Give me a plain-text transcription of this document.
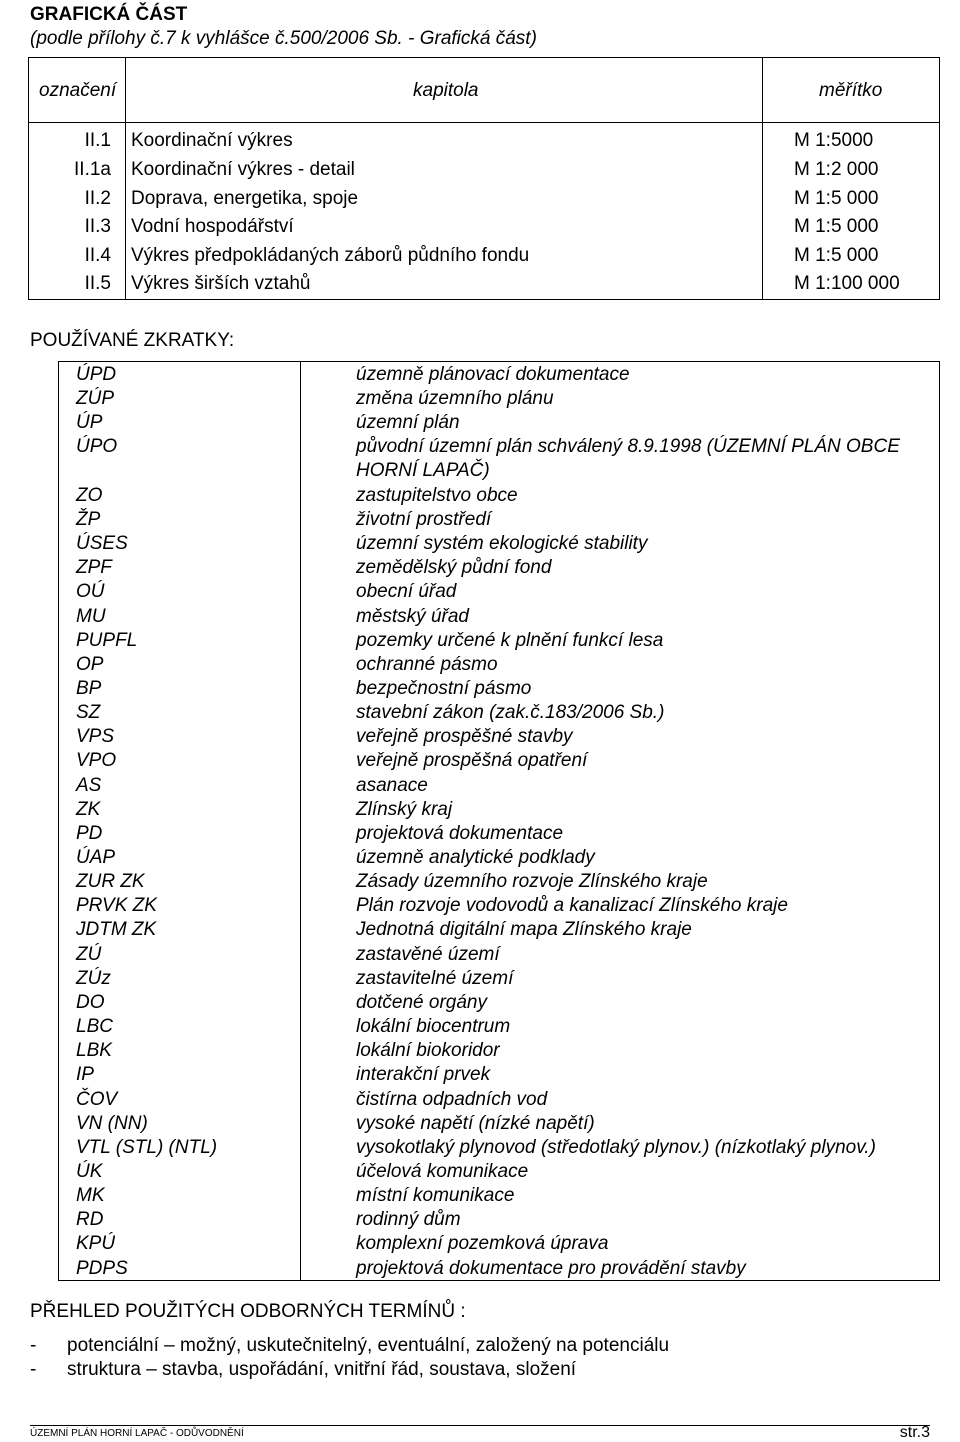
GRAFICKÁ ČÁST
(podle přílohy č.7 k vyhlášce č.500/2006 Sb. - Grafická část)
označení	kapitola	měřítko
II.1 Koordinační výkres	M 1:5000
II.1a Koordinační výkres - detail	M 1:2 000
II.2 Doprava, energetika, spoje	M 1:5 000
II.3 Vodní hospodářství	M 1:5 000
II.4 Výkres předpokládaných záborů půdního fondu	M 1:5 000
II.5 Výkres širších vztahů	M 1:100 000
POUŽÍVANÉ ZKRATKY:
ÚPD	územně plánovací dokumentace
ZÚP	změna územního plánu
ÚP	územní plán
ÚPO	původní územní plán schválený 8.9.1998 (ÚZEMNÍ PLÁN OBCE HORNÍ LAPAČ)
ZO	zastupitelstvo obce
ŽP	životní prostředí
ÚSES	územní systém ekologické stability
ZPF	zemědělský půdní fond
OÚ	obecní úřad
MU	městský úřad
PUPFL	pozemky určené k plnění funkcí lesa
OP	ochranné pásmo
BP	bezpečnostní pásmo
SZ	stavební zákon (zak.č.183/2006 Sb.)
VPS	veřejně prospěšné stavby
VPO	veřejně prospěšná opatření
AS	asanace
ZK	Zlínský kraj
PD	projektová dokumentace
ÚAP	územně analytické podklady
ZUR ZK	Zásady územního rozvoje Zlínského kraje
PRVK ZK	Plán rozvoje vodovodů a kanalizací Zlínského kraje
JDTM ZK	Jednotná digitální mapa Zlínského kraje
ZÚ	zastavěné území
ZÚz	zastavitelné území
DO	dotčené orgány
LBC	lokální biocentrum
LBK	lokální biokoridor
IP	interakční prvek
ČOV	čistírna odpadních vod
VN (NN)	vysoké napětí (nízké napětí)
VTL (STL) (NTL)	vysokotlaký plynovod (středotlaký plynov.) (nízkotlaký plynov.)
ÚK	účelová komunikace
MK	místní komunikace
RD	rodinný dům
KPÚ	komplexní pozemková úprava
PDPS	projektová dokumentace pro provádění stavby
PŘEHLED POUŽITÝCH ODBORNÝCH TERMÍNŮ :
- potenciální – možný, uskutečnitelný, eventuální, založený na potenciálu
- struktura – stavba, uspořádání, vnitřní řád, soustava, složení
ÚZEMNÍ PLÁN HORNÍ LAPAČ - ODŮVODNĚNÍ	str.3
